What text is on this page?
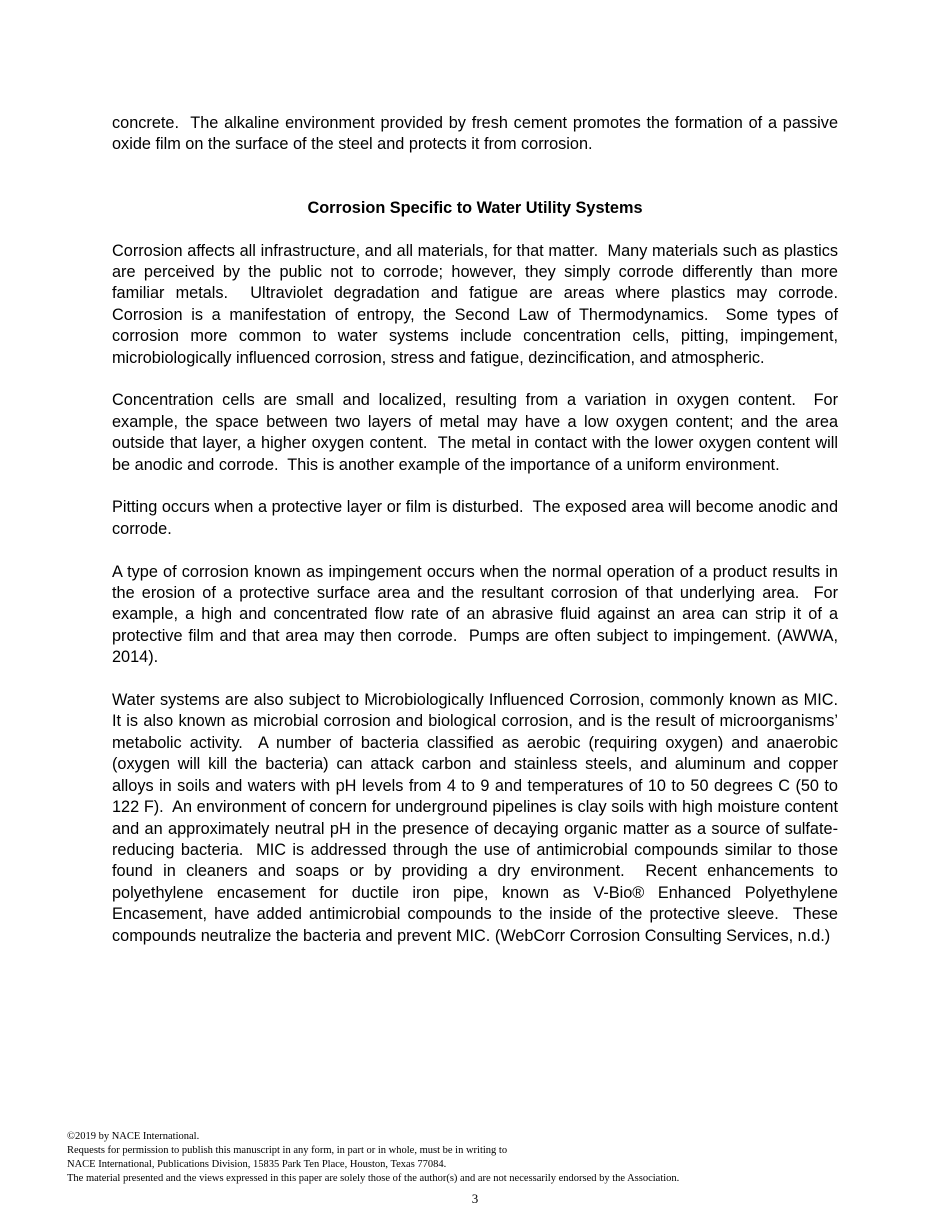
concrete.  The alkaline environment provided by fresh cement promotes the formation of a passive oxide film on the surface of the steel and protects it from corrosion.

Corrosion Specific to Water Utility Systems

Corrosion affects all infrastructure, and all materials, for that matter.  Many materials such as plastics are perceived by the public not to corrode; however, they simply corrode differently than more familiar metals.  Ultraviolet degradation and fatigue are areas where plastics may corrode.  Corrosion is a manifestation of entropy, the Second Law of Thermodynamics.  Some types of corrosion more common to water systems include concentration cells, pitting, impingement, microbiologically influenced corrosion, stress and fatigue, dezincification, and atmospheric.

Concentration cells are small and localized, resulting from a variation in oxygen content.  For example, the space between two layers of metal may have a low oxygen content; and the area outside that layer, a higher oxygen content.  The metal in contact with the lower oxygen content will be anodic and corrode.  This is another example of the importance of a uniform environment.

Pitting occurs when a protective layer or film is disturbed.  The exposed area will become anodic and corrode.

A type of corrosion known as impingement occurs when the normal operation of a product results in the erosion of a protective surface area and the resultant corrosion of that underlying area.  For example, a high and concentrated flow rate of an abrasive fluid against an area can strip it of a protective film and that area may then corrode.  Pumps are often subject to impingement. (AWWA, 2014).

Water systems are also subject to Microbiologically Influenced Corrosion, commonly known as MIC.  It is also known as microbial corrosion and biological corrosion, and is the result of microorganisms’ metabolic activity.  A number of bacteria classified as aerobic (requiring oxygen) and anaerobic (oxygen will kill the bacteria) can attack carbon and stainless steels, and aluminum and copper alloys in soils and waters with pH levels from 4 to 9 and temperatures of 10 to 50 degrees C (50 to 122 F).  An environment of concern for underground pipelines is clay soils with high moisture content and an approximately neutral pH in the presence of decaying organic matter as a source of sulfate-reducing bacteria.  MIC is addressed through the use of antimicrobial compounds similar to those found in cleaners and soaps or by providing a dry environment.  Recent enhancements to polyethylene encasement for ductile iron pipe, known as V-Bio® Enhanced Polyethylene Encasement, have added antimicrobial compounds to the inside of the protective sleeve.  These compounds neutralize the bacteria and prevent MIC. (WebCorr Corrosion Consulting Services, n.d.)

©2019 by NACE International.
Requests for permission to publish this manuscript in any form, in part or in whole, must be in writing to
NACE International, Publications Division, 15835 Park Ten Place, Houston, Texas 77084.
The material presented and the views expressed in this paper are solely those of the author(s) and are not necessarily endorsed by the Association.
3
